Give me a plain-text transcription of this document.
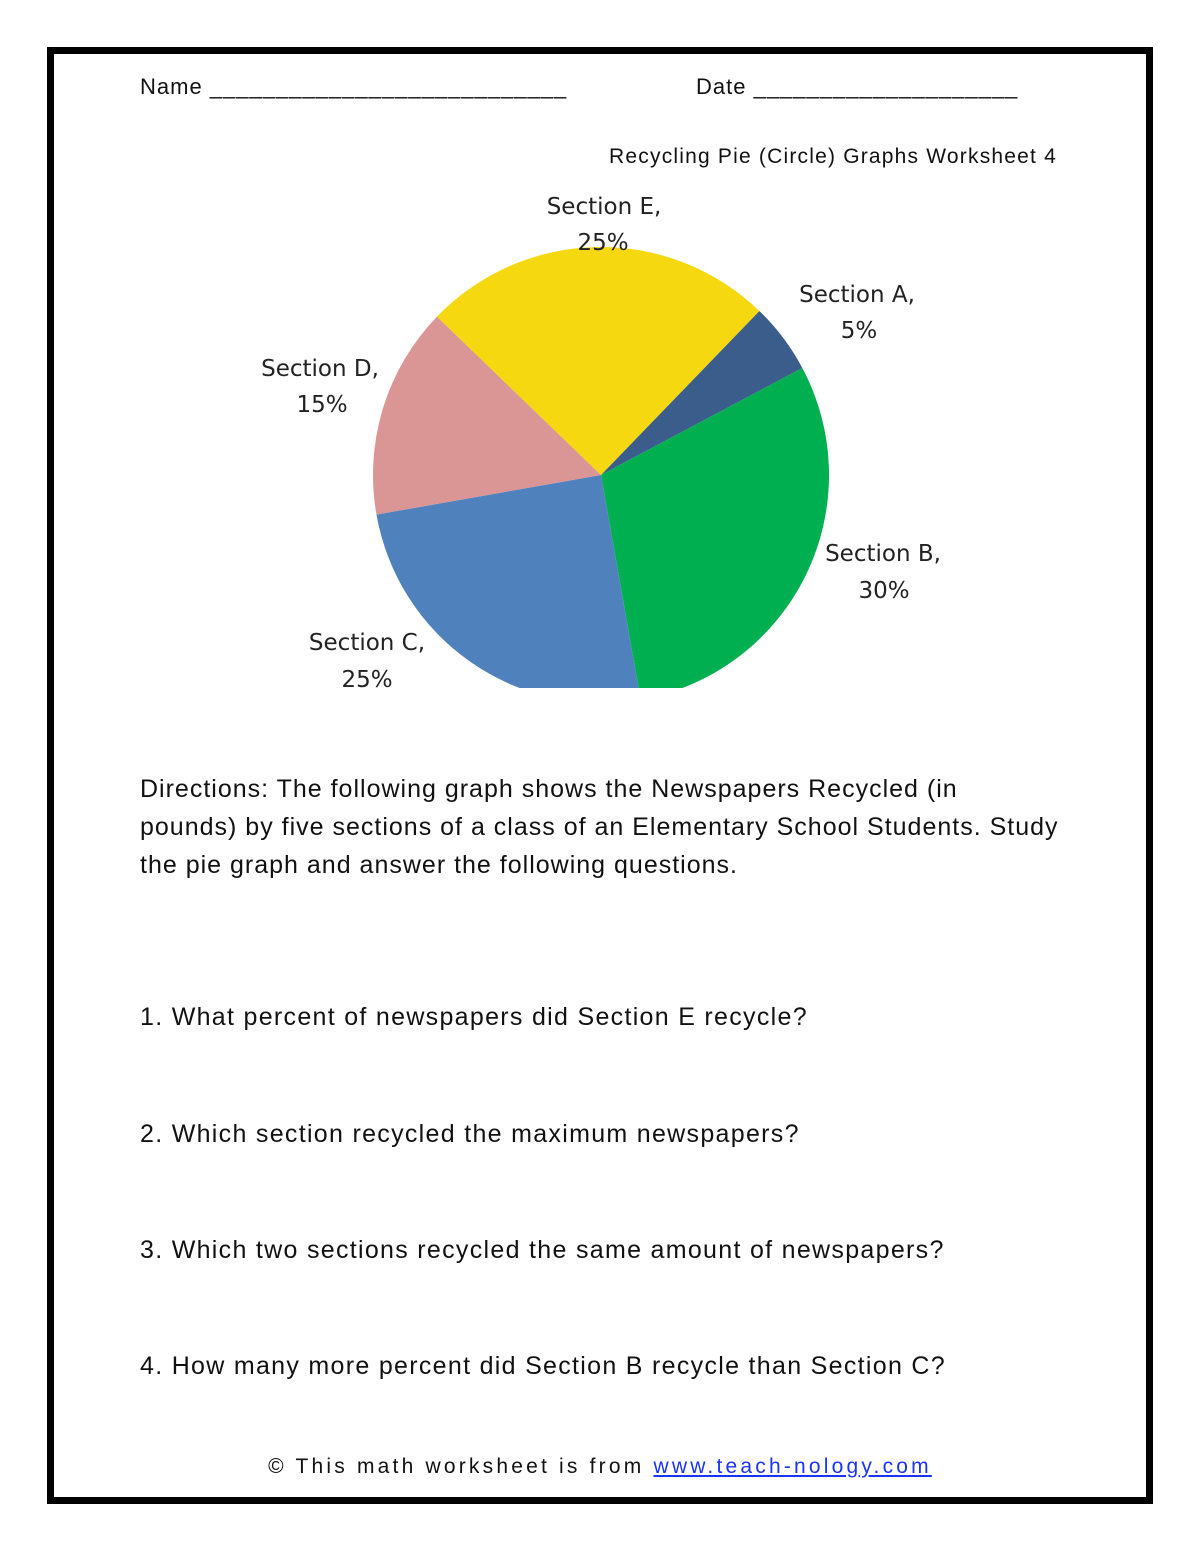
Name ___________________________	Date ____________________
Recycling Pie (Circle) Graphs Worksheet 4
Section A,
5%
Section B,
30%
Section C,
25%
Section D,
15%
Section E,
25%

Directions: The following graph shows the Newspapers Recycled (in pounds) by five sections of a class of an Elementary School Students. Study the pie graph and answer the following questions.

1. What percent of newspapers did Section E recycle?

2. Which section recycled the maximum newspapers?

3. Which two sections recycled the same amount of newspapers?

4. How many more percent did Section B recycle than Section C?

© This math worksheet is from www.teach-nology.com
